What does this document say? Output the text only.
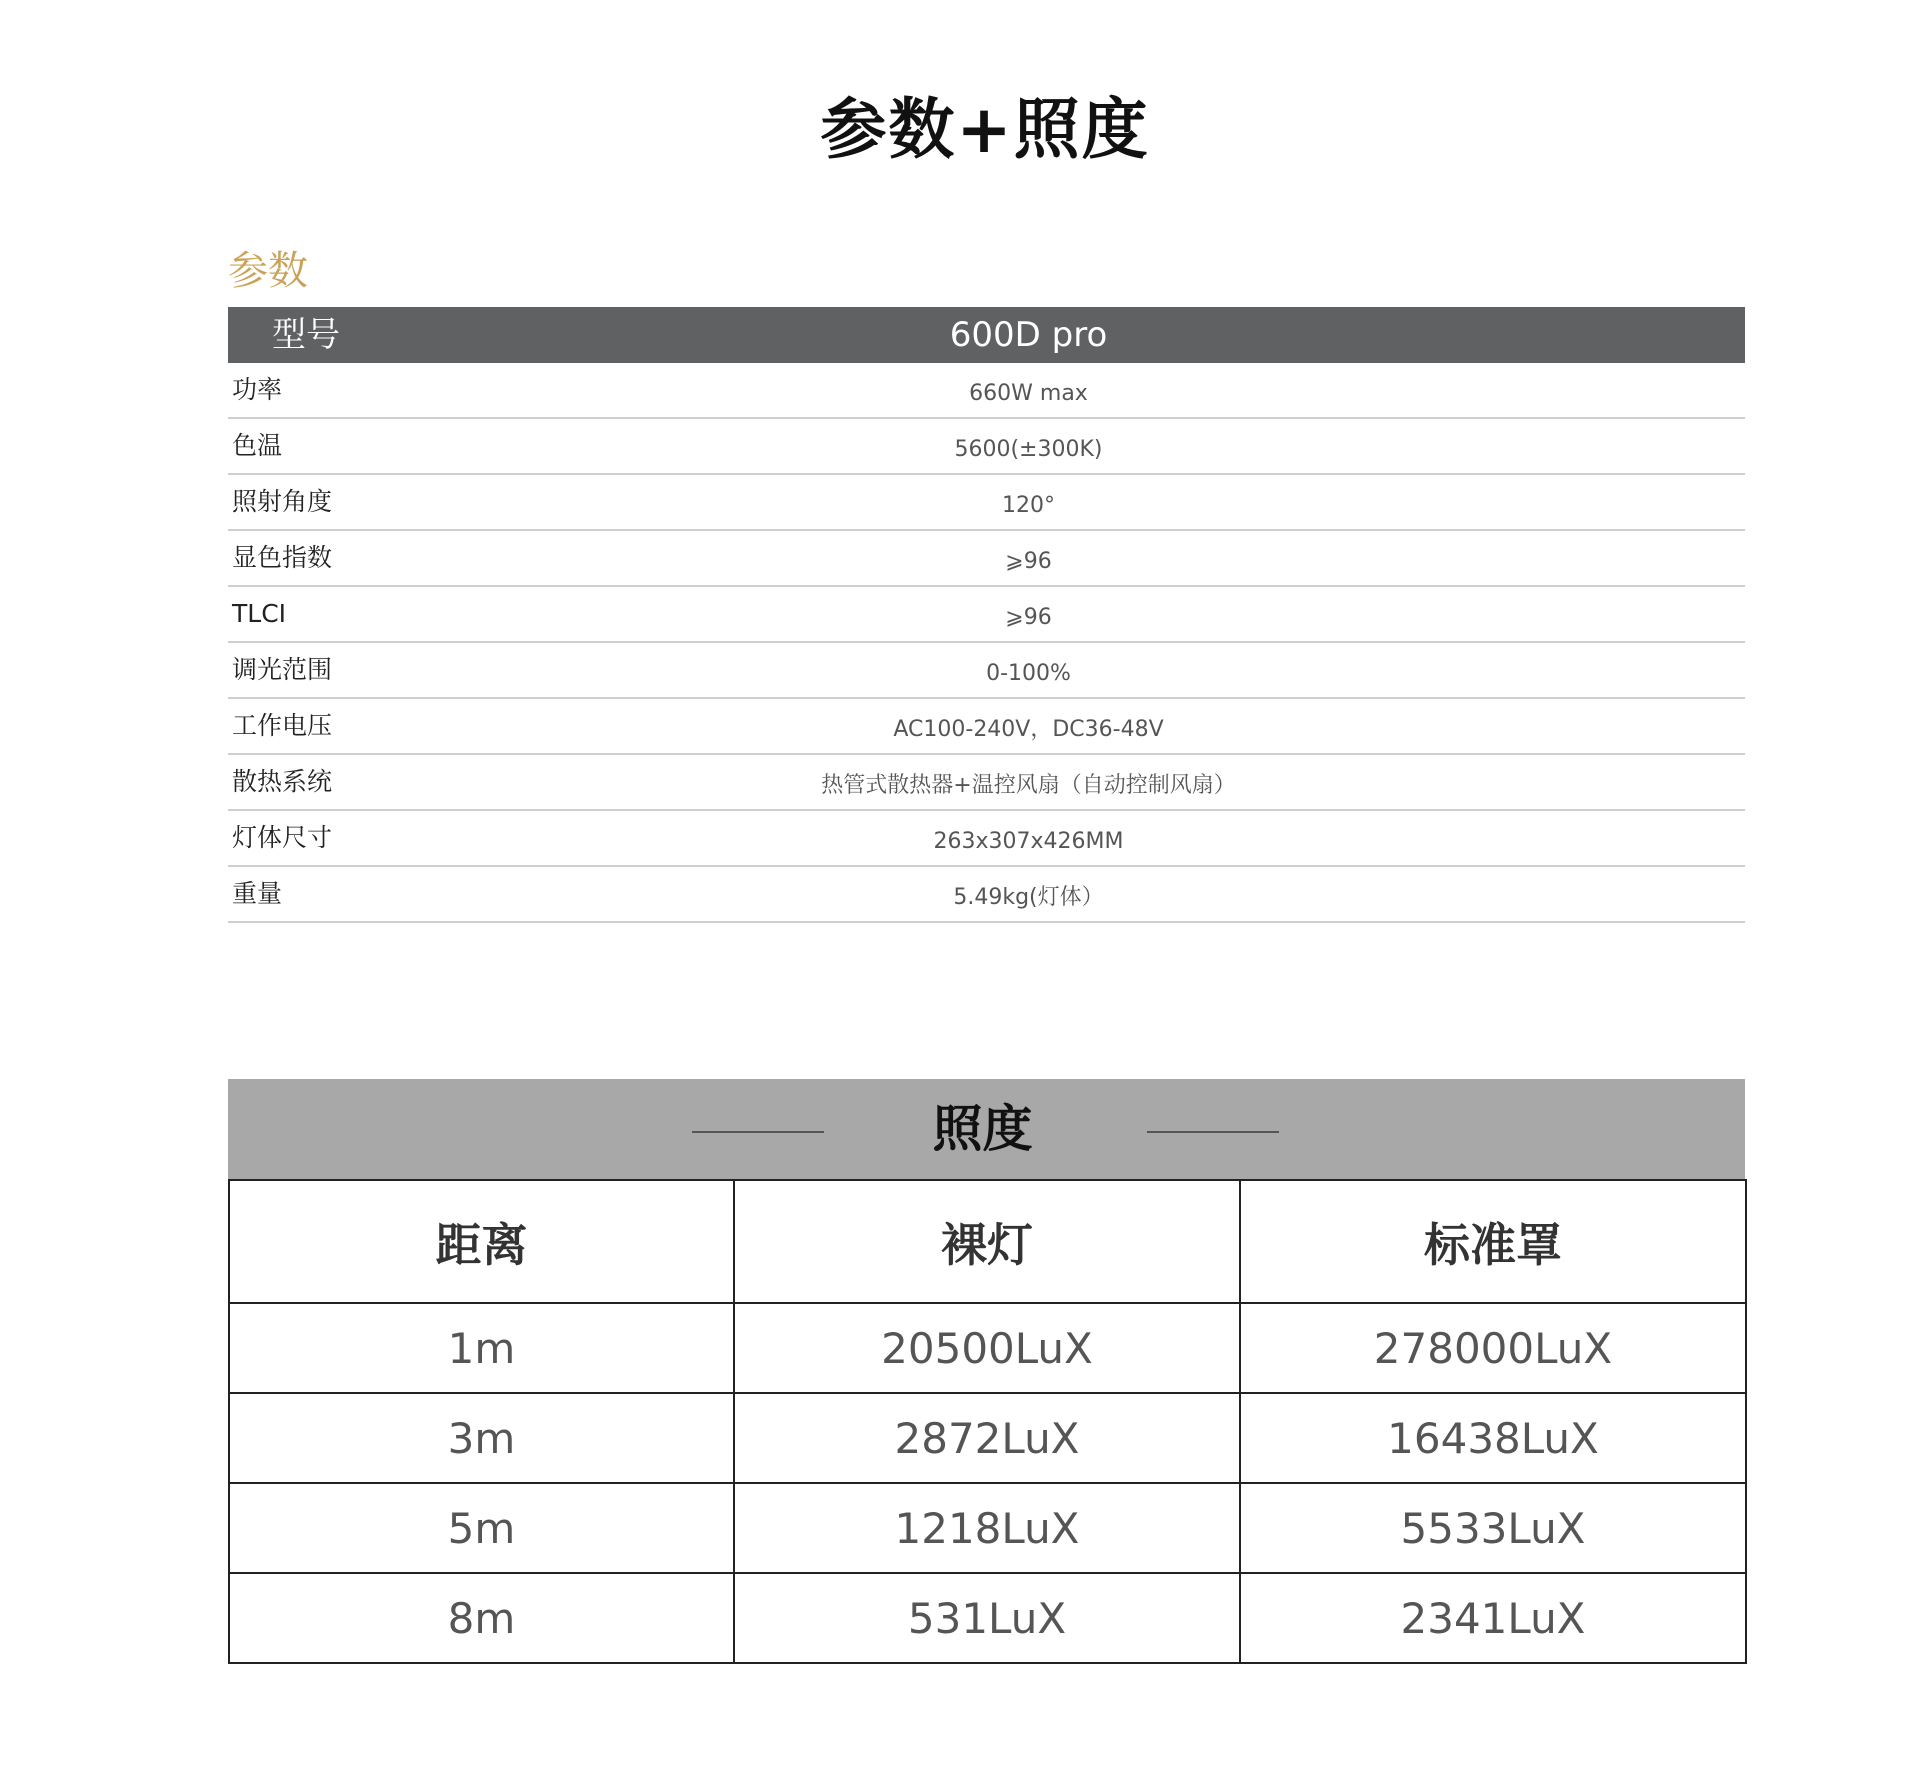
参数+照度
参数
型号	600D pro
功率	660W max
色温	5600(±300K)
照射角度	120°
显色指数	⩾96
TLCI	⩾96
调光范围	0-100%
工作电压	AC100-240V，DC36-48V
散热系统	热管式散热器+温控风扇（自动控制风扇）
灯体尺寸	263x307x426MM
重量	5.49kg(灯体）
照度
距离	裸灯	标准罩
1m	20500LuX	278000LuX
3m	2872LuX	16438LuX
5m	1218LuX	5533LuX
8m	531LuX	2341LuX
